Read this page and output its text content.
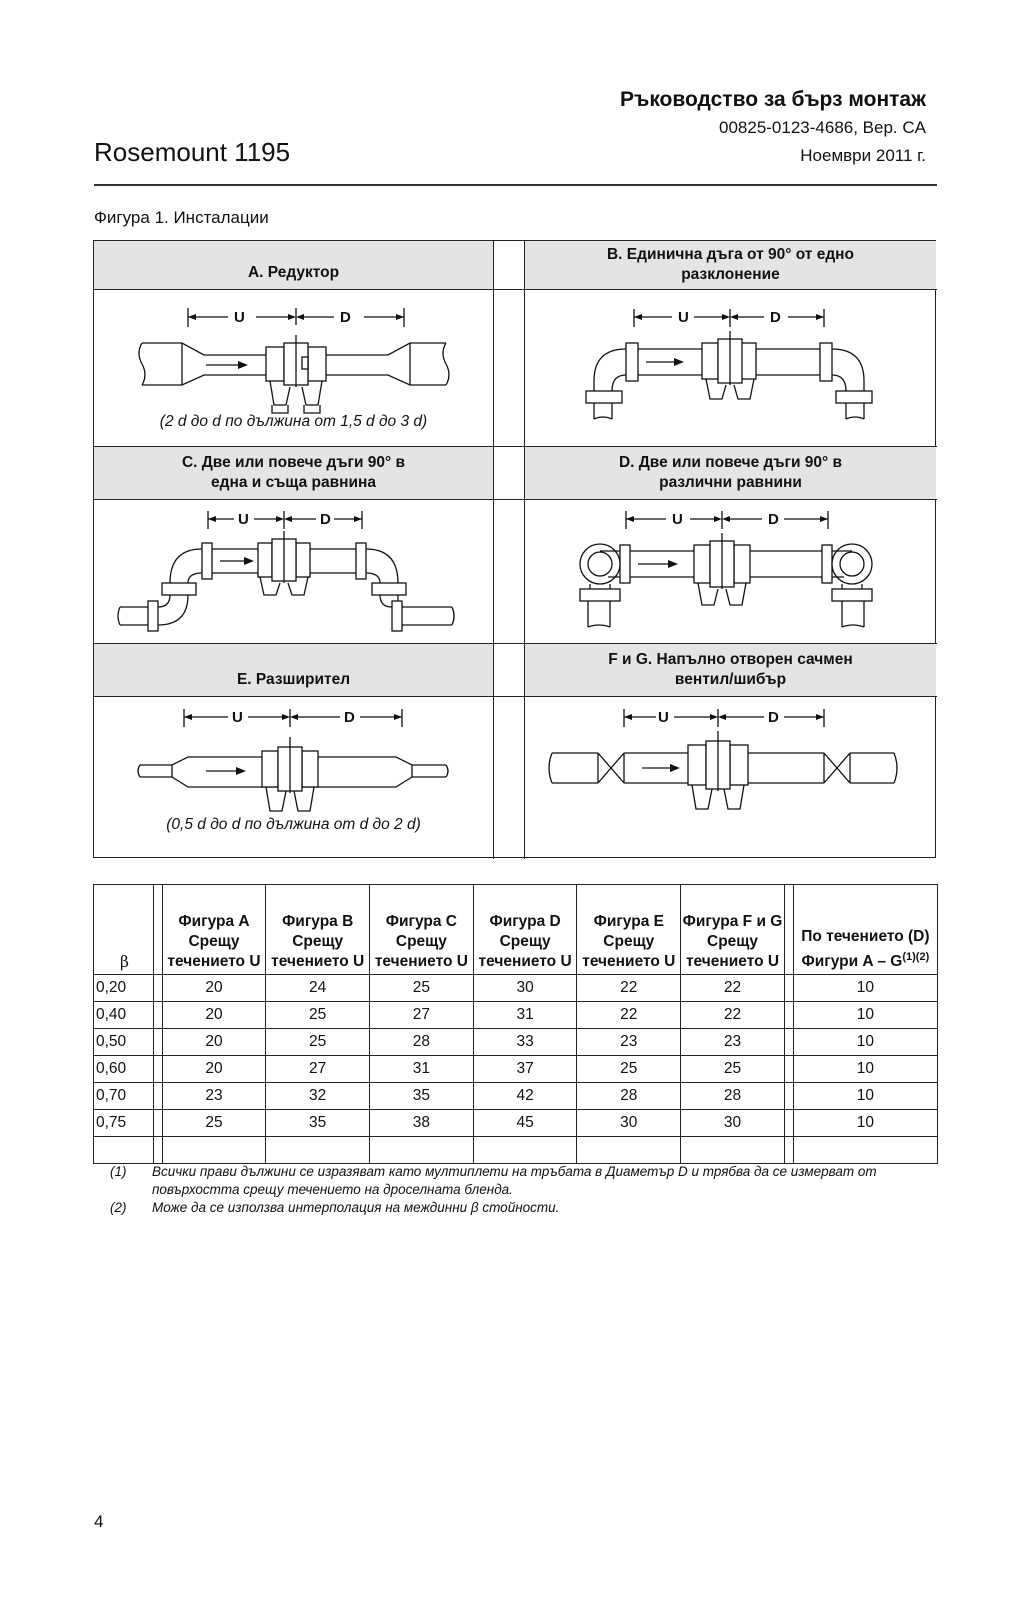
Ръководство за бърз монтаж
00825-0123-4686, Вер. CA
Ноември 2011 г.
Rosemount 1195
Фигура 1. Инсталации
A. Редуктор
B. Единична дъга от 90° от едно разклонение
C. Две или повече дъги 90° в една и съща равнина
D. Две или повече дъги 90° в различни равнини
E. Разширител
F и G. Напълно отворен сачмен вентил/шибър
U	D
(2 d до d по дължина от 1,5 d до 3 d)
U	D
U	D	U	D
U	D
(0,5 d до d по дължина от d до 2 d)
U	D
β		Фигура A Срещу течението U	Фигура B Срещу течението U	Фигура C Срещу течението U	Фигура D Срещу течението U	Фигура E Срещу течението U	Фигура F и G Срещу течението U		По течението (D) Фигури A – $G^{(1)(2)}$
0,20		20	24	25	30	22	22		10
0,40		20	25	27	31	22	22		10
0,50		20	25	28	33	23	23		10
0,60		20	27	31	37	25	25		10
0,70		23	32	35	42	28	28		10
0,75		25	35	38	45	30	30		10

(1) Всички прави дължини се изразяват като мултиплети на тръбата в Диаметър D и трябва да се измерват от повърхостта срещу течението на дроселната бленда.
(2) Може да се използва интерполация на междинни β стойности.
4
